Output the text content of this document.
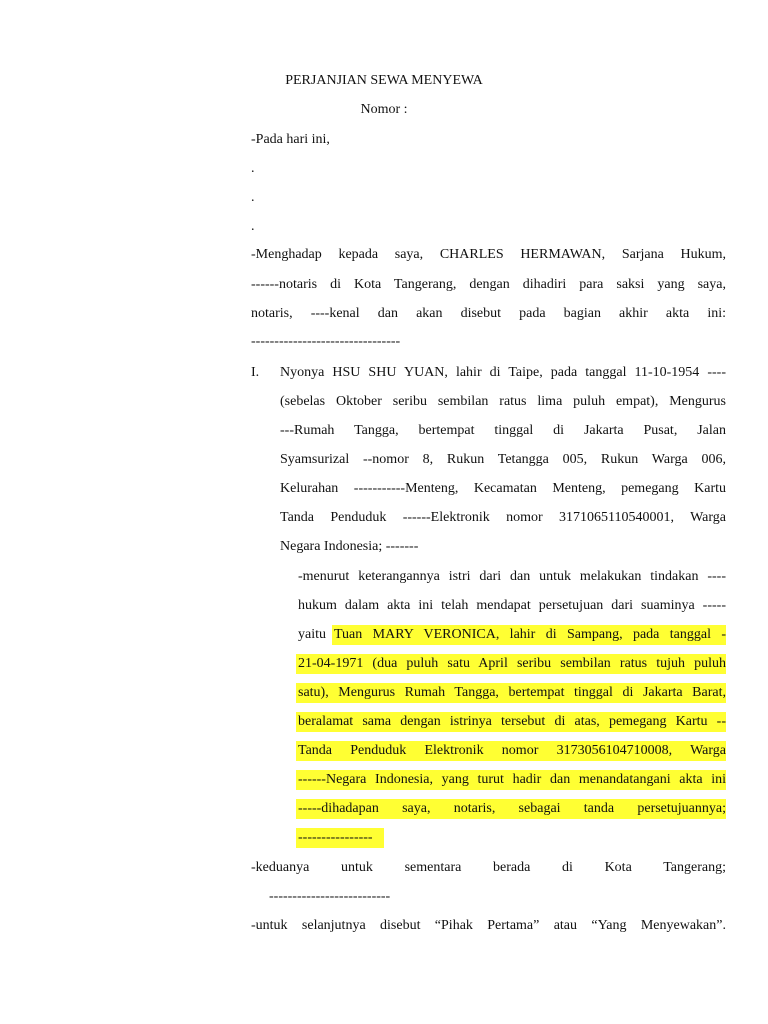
PERJANJIAN SEWA MENYEWA
Nomor :
-Pada hari ini,
.
.
.
-Menghadap kepada saya, CHARLES HERMAWAN, Sarjana Hukum,
------notaris di Kota Tangerang, dengan dihadiri para saksi yang saya,
notaris, ----kenal dan akan disebut pada bagian akhir akta ini:
--------------------------------
I. Nyonya HSU SHU YUAN, lahir di Taipe, pada tanggal 11-10-1954 ----
(sebelas Oktober seribu sembilan ratus lima puluh empat), Mengurus
---Rumah Tangga, bertempat tinggal di Jakarta Pusat, Jalan
Syamsurizal --nomor 8, Rukun Tetangga 005, Rukun Warga 006,
Kelurahan -----------Menteng, Kecamatan Menteng, pemegang Kartu
Tanda Penduduk ------Elektronik nomor 3171065110540001, Warga
Negara Indonesia; -------
-menurut keterangannya istri dari dan untuk melakukan tindakan ----
hukum dalam akta ini telah mendapat persetujuan dari suaminya -----
yaitu Tuan MARY VERONICA, lahir di Sampang, pada tanggal -
21-04-1971 (dua puluh satu April seribu sembilan ratus tujuh puluh
satu), Mengurus Rumah Tangga, bertempat tinggal di Jakarta Barat,
beralamat sama dengan istrinya tersebut di atas, pemegang Kartu --
Tanda Penduduk Elektronik nomor 3173056104710008, Warga
------Negara Indonesia, yang turut hadir dan menandatangani akta ini
-----dihadapan saya, notaris, sebagai tanda persetujuannya;
----------------
-keduanya untuk sementara berada di Kota Tangerang;
--------------------------
-untuk selanjutnya disebut “Pihak Pertama” atau “Yang Menyewakan”.
